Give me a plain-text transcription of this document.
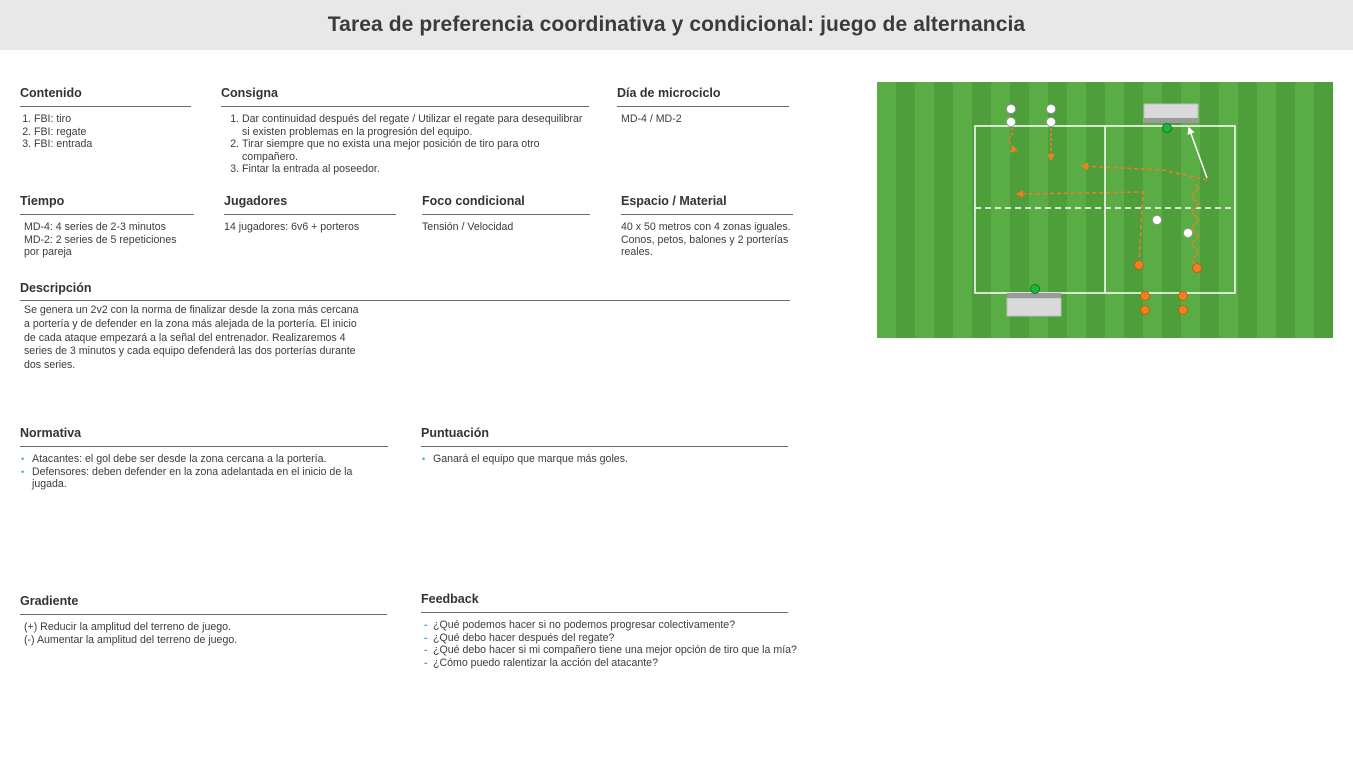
Tarea de preferencia coordinativa y condicional: juego de alternancia
Contenido
1. FBI: tiro
2. FBI: regate
3. FBI: entrada
Consigna
1. Dar continuidad después del regate / Utilizar el regate para desequilibrar si existen problemas en la progresión del equipo.
2. Tirar siempre que no exista una mejor posición de tiro para otro compañero.
3. Fintar la entrada al poseedor.
Día de microciclo
MD-4 / MD-2
Tiempo
MD-4: 4 series de 2-3 minutos
MD-2: 2 series de 5 repeticiones
por pareja
Jugadores
14 jugadores: 6v6 + porteros
Foco condicional
Tensión / Velocidad
Espacio / Material
40 x 50 metros con 4 zonas iguales.
Conos, petos, balones y 2 porterías
reales.
Descripción
Se genera un 2v2 con la norma de finalizar desde la zona más cercana
a portería y de defender en la zona más alejada de la portería. El inicio
de cada ataque empezará a la señal del entrenador. Realizaremos 4
series de 3 minutos y cada equipo defenderá las dos porterías durante
dos series.
Normativa
• Atacantes: el gol debe ser desde la zona cercana a la portería.
• Defensores: deben defender en la zona adelantada en el inicio de la jugada.
Puntuación
• Ganará el equipo que marque más goles.
Gradiente
(+) Reducir la amplitud del terreno de juego.
(-) Aumentar la amplitud del terreno de juego.
Feedback
- ¿Qué podemos hacer si no podemos progresar colectivamente?
- ¿Qué debo hacer después del regate?
- ¿Qué debo hacer si mi compañero tiene una mejor opción de tiro que la mía?
- ¿Cómo puedo ralentizar la acción del atacante?
